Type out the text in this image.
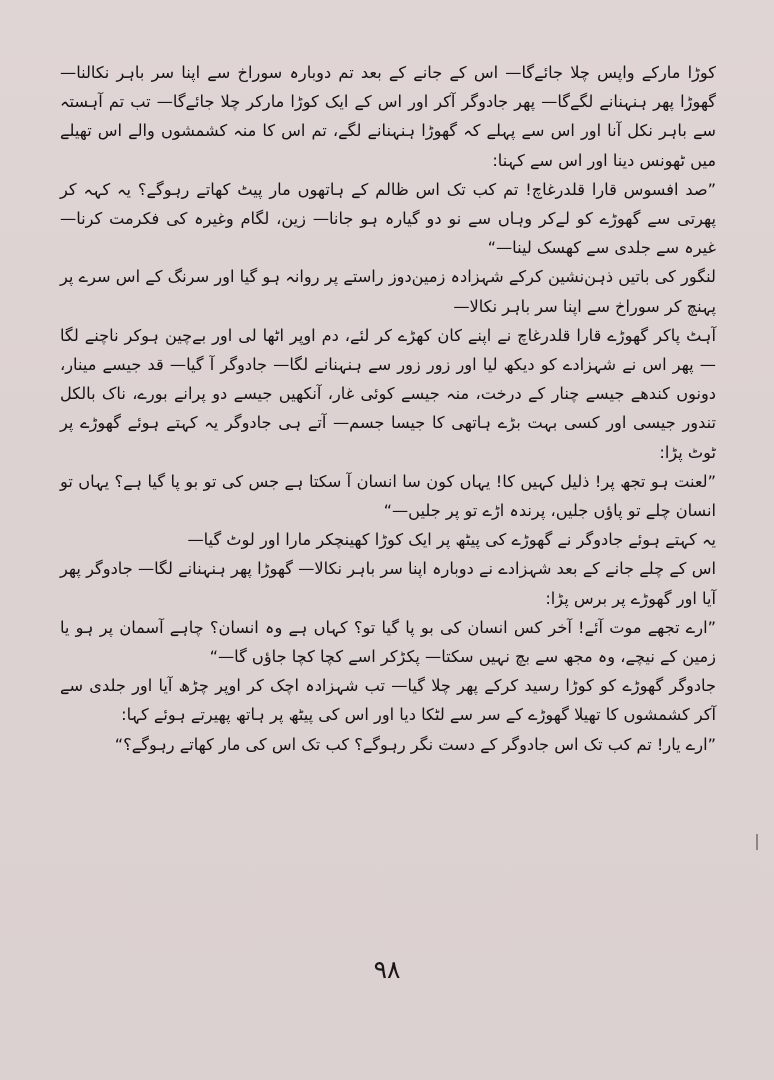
کوڑا مارکے واپس چلا جائےگا— اس کے جانے کے بعد تم دوبارہ سوراخ سے اپنا سر باہر نکالنا— گھوڑا پھر ہنہنانے لگےگا— پھر جادوگر آکر اور اس کے ایک کوڑا مارکر چلا جائےگا— تب تم آہستہ سے باہر نکل آنا اور اس سے پہلے کہ گھوڑا ہنہنانے لگے، تم اس کا منہ کشمشوں والے اس تھیلے میں ٹھونس دینا اور اس سے کہنا:

”صد افسوس قارا قلدرغاچ! تم کب تک اس ظالم کے ہاتھوں مار پیٹ کھاتے رہوگے؟ یہ کہہ کر پھرتی سے گھوڑے کو لےکر وہاں سے نو دو گیارہ ہو جانا— زین، لگام وغیرہ کی فکرمت کرنا— غیرہ سے جلدی سے کھسک لینا—“

لنگور کی باتیں ذہن‌نشین کرکے شہزادہ زمین‌دوز راستے پر روانہ ہو گیا اور سرنگ کے اس سرے پر پہنچ کر سوراخ سے اپنا سر باہر نکالا—

آہٹ پاکر گھوڑے قارا قلدرغاچ نے اپنے کان کھڑے کر لئے، دم اوپر اٹھا لی اور بےچین ہوکر ناچنے لگا— پھر اس نے شہزادے کو دیکھ لیا اور زور زور سے ہنہنانے لگا— جادوگر آ گیا— قد جیسے مینار، دونوں کندھے جیسے چنار کے درخت، منہ جیسے کوئی غار، آنکھیں جیسے دو پرانے بورے، ناک بالکل تندور جیسی اور کسی بہت بڑے ہاتھی کا جیسا جسم— آتے ہی جادوگر یہ کہتے ہوئے گھوڑے پر ٹوٹ پڑا:

”لعنت ہو تجھ پر! ذلیل کہیں کا! یہاں کون سا انسان آ سکتا ہے جس کی تو بو پا گیا ہے؟ یہاں تو انسان چلے تو پاؤں جلیں، پرندہ اڑے تو پر جلیں—“

یہ کہتے ہوئے جادوگر نے گھوڑے کی پیٹھ پر ایک کوڑا کھینچکر مارا اور لوٹ گیا—

اس کے چلے جانے کے بعد شہزادے نے دوبارہ اپنا سر باہر نکالا— گھوڑا پھر ہنہنانے لگا— جادوگر پھر آیا اور گھوڑے پر برس پڑا:

”ارے تجھے موت آئے! آخر کس انسان کی بو پا گیا تو؟ کہاں ہے وہ انسان؟ چاہے آسمان پر ہو یا زمین کے نیچے، وہ مجھ سے بچ نہیں سکتا— پکڑکر اسے کچا کچا جاؤں گا—“

جادوگر گھوڑے کو کوڑا رسید کرکے پھر چلا گیا— تب شہزادہ اچک کر اوپر چڑھ آیا اور جلدی سے آکر کشمشوں کا تھیلا گھوڑے کے سر سے لٹکا دیا اور اس کی پیٹھ پر ہاتھ پھیرتے ہوئے کہا:

”ارے یار! تم کب تک اس جادوگر کے دست نگر رہوگے؟ کب تک اس کی مار کھاتے رہوگے؟“

۹۸
